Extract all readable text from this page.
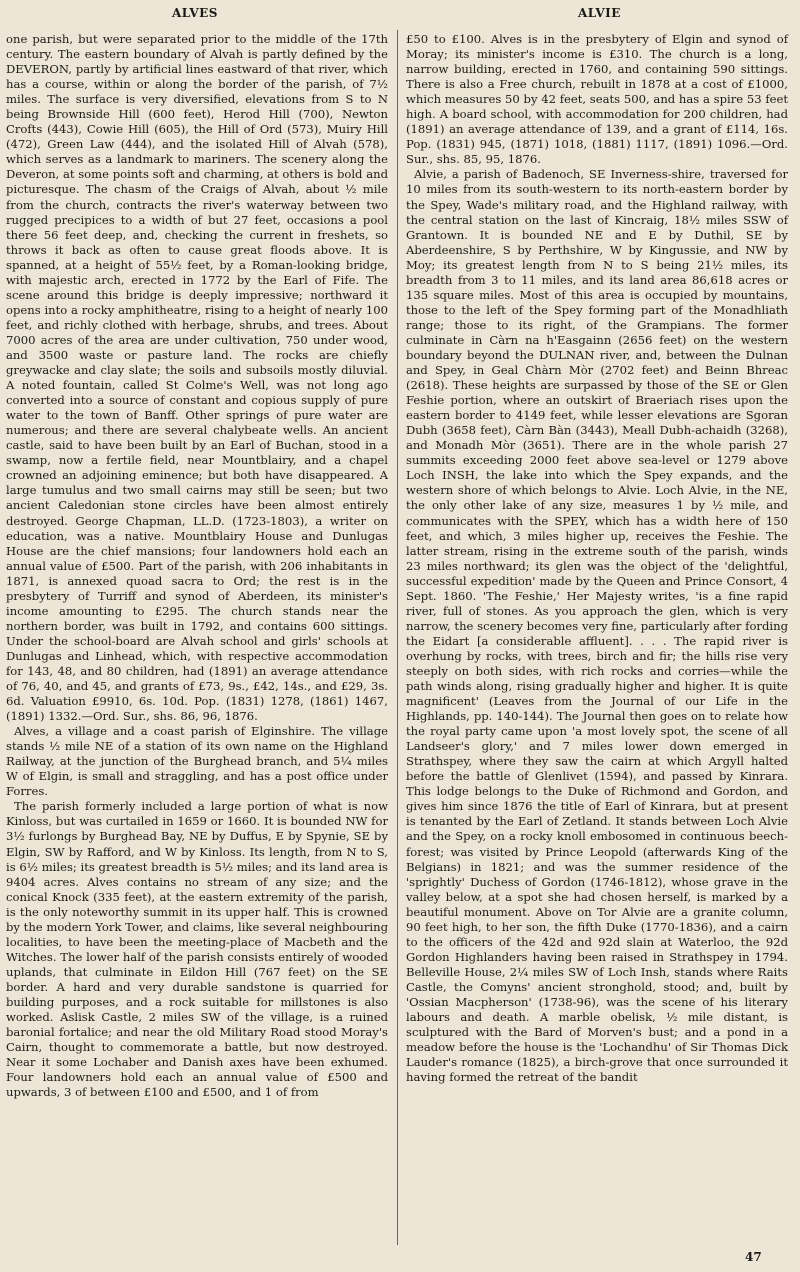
ALVES	ALVIE

one parish, but were separated prior to the middle of the 17th century. The eastern boundary of Alvah is partly defined by the DEVERON, partly by artificial lines eastward of that river, which has a course, within or along the border of the parish, of 7½ miles. The surface is very diversified, elevations from S to N being Brownside Hill (600 feet), Herod Hill (700), Newton Crofts (443), Cowie Hill (605), the Hill of Ord (573), Muiry Hill (472), Green Law (444), and the isolated Hill of Alvah (578), which serves as a landmark to mariners. The scenery along the Deveron, at some points soft and charming, at others is bold and picturesque. The chasm of the Craigs of Alvah, about ½ mile from the church, contracts the river's waterway between two rugged precipices to a width of but 27 feet, occasions a pool there 56 feet deep, and, checking the current in freshets, so throws it back as often to cause great floods above. It is spanned, at a height of 55½ feet, by a Roman-looking bridge, with majestic arch, erected in 1772 by the Earl of Fife. The scene around this bridge is deeply impressive; northward it opens into a rocky amphitheatre, rising to a height of nearly 100 feet, and richly clothed with herbage, shrubs, and trees. About 7000 acres of the area are under cultivation, 750 under wood, and 3500 waste or pasture land. The rocks are chiefly greywacke and clay slate; the soils and subsoils mostly diluvial. A noted fountain, called St Colme's Well, was not long ago converted into a source of constant and copious supply of pure water to the town of Banff. Other springs of pure water are numerous; and there are several chalybeate wells. An ancient castle, said to have been built by an Earl of Buchan, stood in a swamp, now a fertile field, near Mountblairy, and a chapel crowned an adjoining eminence; but both have disappeared. A large tumulus and two small cairns may still be seen; but two ancient Caledonian stone circles have been almost entirely destroyed. George Chapman, LL.D. (1723-1803), a writer on education, was a native. Mountblairy House and Dunlugas House are the chief mansions; four landowners hold each an annual value of £500. Part of the parish, with 206 inhabitants in 1871, is annexed quoad sacra to Ord; the rest is in the presbytery of Turriff and synod of Aberdeen, its minister's income amounting to £295. The church stands near the northern border, was built in 1792, and contains 600 sittings. Under the school-board are Alvah school and girls' schools at Dunlugas and Linhead, which, with respective accommodation for 143, 48, and 80 children, had (1891) an average attendance of 76, 40, and 45, and grants of £73, 9s., £42, 14s., and £29, 3s. 6d. Valuation £9910, 6s. 10d. Pop. (1831) 1278, (1861) 1467, (1891) 1332.—Ord. Sur., shs. 86, 96, 1876.

Alves, a village and a coast parish of Elginshire. The village stands ½ mile NE of a station of its own name on the Highland Railway, at the junction of the Burghead branch, and 5¼ miles W of Elgin, is small and straggling, and has a post office under Forres.

The parish formerly included a large portion of what is now Kinloss, but was curtailed in 1659 or 1660. It is bounded NW for 3½ furlongs by Burghead Bay, NE by Duffus, E by Spynie, SE by Elgin, SW by Rafford, and W by Kinloss. Its length, from N to S, is 6½ miles; its greatest breadth is 5½ miles; and its land area is 9404 acres. Alves contains no stream of any size; and the conical Knock (335 feet), at the eastern extremity of the parish, is the only noteworthy summit in its upper half. This is crowned by the modern York Tower, and claims, like several neighbouring localities, to have been the meeting-place of Macbeth and the Witches. The lower half of the parish consists entirely of wooded uplands, that culminate in Eildon Hill (767 feet) on the SE border. A hard and very durable sandstone is quarried for building purposes, and a rock suitable for millstones is also worked. Aslisk Castle, 2 miles SW of the village, is a ruined baronial fortalice; and near the old Military Road stood Moray's Cairn, thought to commemorate a battle, but now destroyed. Near it some Lochaber and Danish axes have been exhumed. Four landowners hold each an annual value of £500 and upwards, 3 of between £100 and £500, and 1 of from

£50 to £100. Alves is in the presbytery of Elgin and synod of Moray; its minister's income is £310. The church is a long, narrow building, erected in 1760, and containing 590 sittings. There is also a Free church, rebuilt in 1878 at a cost of £1000, which measures 50 by 42 feet, seats 500, and has a spire 53 feet high. A board school, with accommodation for 200 children, had (1891) an average attendance of 139, and a grant of £114, 16s. Pop. (1831) 945, (1871) 1018, (1881) 1117, (1891) 1096.—Ord. Sur., shs. 85, 95, 1876.

Alvie, a parish of Badenoch, SE Inverness-shire, traversed for 10 miles from its south-western to its north-eastern border by the Spey, Wade's military road, and the Highland railway, with the central station on the last of Kincraig, 18½ miles SSW of Grantown. It is bounded NE and E by Duthil, SE by Aberdeenshire, S by Perthshire, W by Kingussie, and NW by Moy; its greatest length from N to S being 21½ miles, its breadth from 3 to 11 miles, and its land area 86,618 acres or 135 square miles. Most of this area is occupied by mountains, those to the left of the Spey forming part of the Monadhliath range; those to its right, of the Grampians. The former culminate in Càrn na h'Easgainn (2656 feet) on the western boundary beyond the DULNAN river, and, between the Dulnan and Spey, in Geal Chàrn Mòr (2702 feet) and Beinn Bhreac (2618). These heights are surpassed by those of the SE or Glen Feshie portion, where an outskirt of Braeriach rises upon the eastern border to 4149 feet, while lesser elevations are Sgoran Dubh (3658 feet), Càrn Bàn (3443), Meall Dubh-achaidh (3268), and Monadh Mòr (3651). There are in the whole parish 27 summits exceeding 2000 feet above sea-level or 1279 above Loch INSH, the lake into which the Spey expands, and the western shore of which belongs to Alvie. Loch Alvie, in the NE, the only other lake of any size, measures 1 by ½ mile, and communicates with the SPEY, which has a width here of 150 feet, and which, 3 miles higher up, receives the Feshie. The latter stream, rising in the extreme south of the parish, winds 23 miles northward; its glen was the object of the 'delightful, successful expedition' made by the Queen and Prince Consort, 4 Sept. 1860. 'The Feshie,' Her Majesty writes, 'is a fine rapid river, full of stones. As you approach the glen, which is very narrow, the scenery becomes very fine, particularly after fording the Eidart [a considerable affluent]. . . . The rapid river is overhung by rocks, with trees, birch and fir; the hills rise very steeply on both sides, with rich rocks and corries—while the path winds along, rising gradually higher and higher. It is quite magnificent' (Leaves from the Journal of our Life in the Highlands, pp. 140-144). The Journal then goes on to relate how the royal party came upon 'a most lovely spot, the scene of all Landseer's glory,' and 7 miles lower down emerged in Strathspey, where they saw the cairn at which Argyll halted before the battle of Glenlivet (1594), and passed by Kinrara. This lodge belongs to the Duke of Richmond and Gordon, and gives him since 1876 the title of Earl of Kinrara, but at present is tenanted by the Earl of Zetland. It stands between Loch Alvie and the Spey, on a rocky knoll embosomed in continuous beech-forest; was visited by Prince Leopold (afterwards King of the Belgians) in 1821; and was the summer residence of the 'sprightly' Duchess of Gordon (1746-1812), whose grave in the valley below, at a spot she had chosen herself, is marked by a beautiful monument. Above on Tor Alvie are a granite column, 90 feet high, to her son, the fifth Duke (1770-1836), and a cairn to the officers of the 42d and 92d slain at Waterloo, the 92d Gordon Highlanders having been raised in Strathspey in 1794. Belleville House, 2¼ miles SW of Loch Insh, stands where Raits Castle, the Comyns' ancient stronghold, stood; and, built by 'Ossian Macpherson' (1738-96), was the scene of his literary labours and death. A marble obelisk, ½ mile distant, is sculptured with the Bard of Morven's bust; and a pond in a meadow before the house is the 'Lochandhu' of Sir Thomas Dick Lauder's romance (1825), a birch-grove that once surrounded it having formed the retreat of the bandit

47
